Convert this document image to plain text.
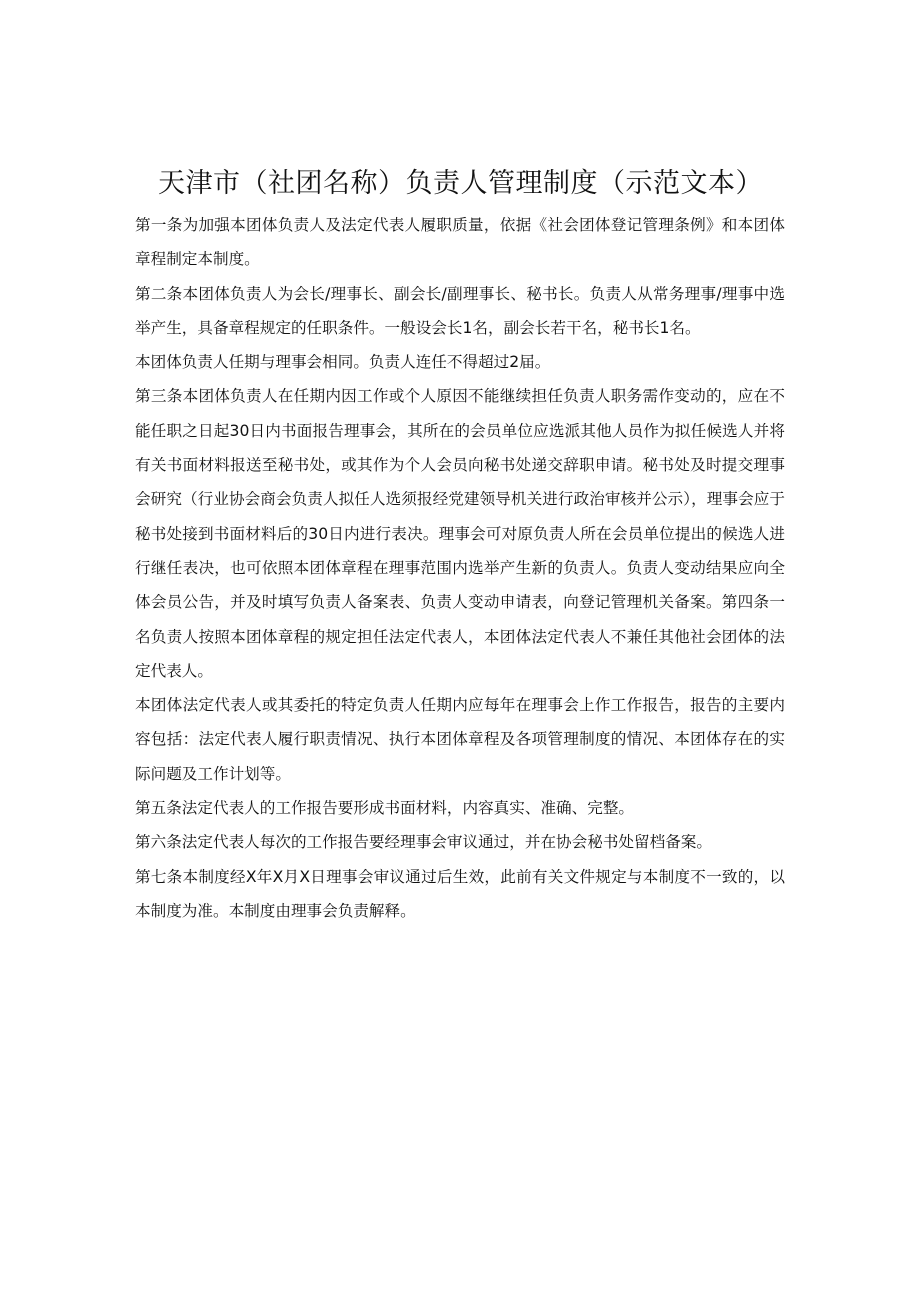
天津市（社团名称）负责人管理制度（示范文本）

第一条为加强本团体负责人及法定代表人履职质量，依据《社会团体登记管理条例》和本团体章程制定本制度。

第二条本团体负责人为会长/理事长、副会长/副理事长、秘书长。负责人从常务理事/理事中选举产生，具备章程规定的任职条件。一般设会长1名，副会长若干名，秘书长1名。

本团体负责人任期与理事会相同。负责人连任不得超过2届。

第三条本团体负责人在任期内因工作或个人原因不能继续担任负责人职务需作变动的，应在不能任职之日起30日内书面报告理事会，其所在的会员单位应选派其他人员作为拟任候选人并将有关书面材料报送至秘书处，或其作为个人会员向秘书处递交辞职申请。秘书处及时提交理事会研究（行业协会商会负责人拟任人选须报经党建领导机关进行政治审核并公示），理事会应于秘书处接到书面材料后的30日内进行表决。理事会可对原负责人所在会员单位提出的候选人进行继任表决，也可依照本团体章程在理事范围内选举产生新的负责人。负责人变动结果应向全体会员公告，并及时填写负责人备案表、负责人变动申请表，向登记管理机关备案。第四条一名负责人按照本团体章程的规定担任法定代表人，本团体法定代表人不兼任其他社会团体的法定代表人。

本团体法定代表人或其委托的特定负责人任期内应每年在理事会上作工作报告，报告的主要内容包括：法定代表人履行职责情况、执行本团体章程及各项管理制度的情况、本团体存在的实际问题及工作计划等。

第五条法定代表人的工作报告要形成书面材料，内容真实、准确、完整。

第六条法定代表人每次的工作报告要经理事会审议通过，并在协会秘书处留档备案。

第七条本制度经X年X月X日理事会审议通过后生效，此前有关文件规定与本制度不一致的，以本制度为准。本制度由理事会负责解释。
